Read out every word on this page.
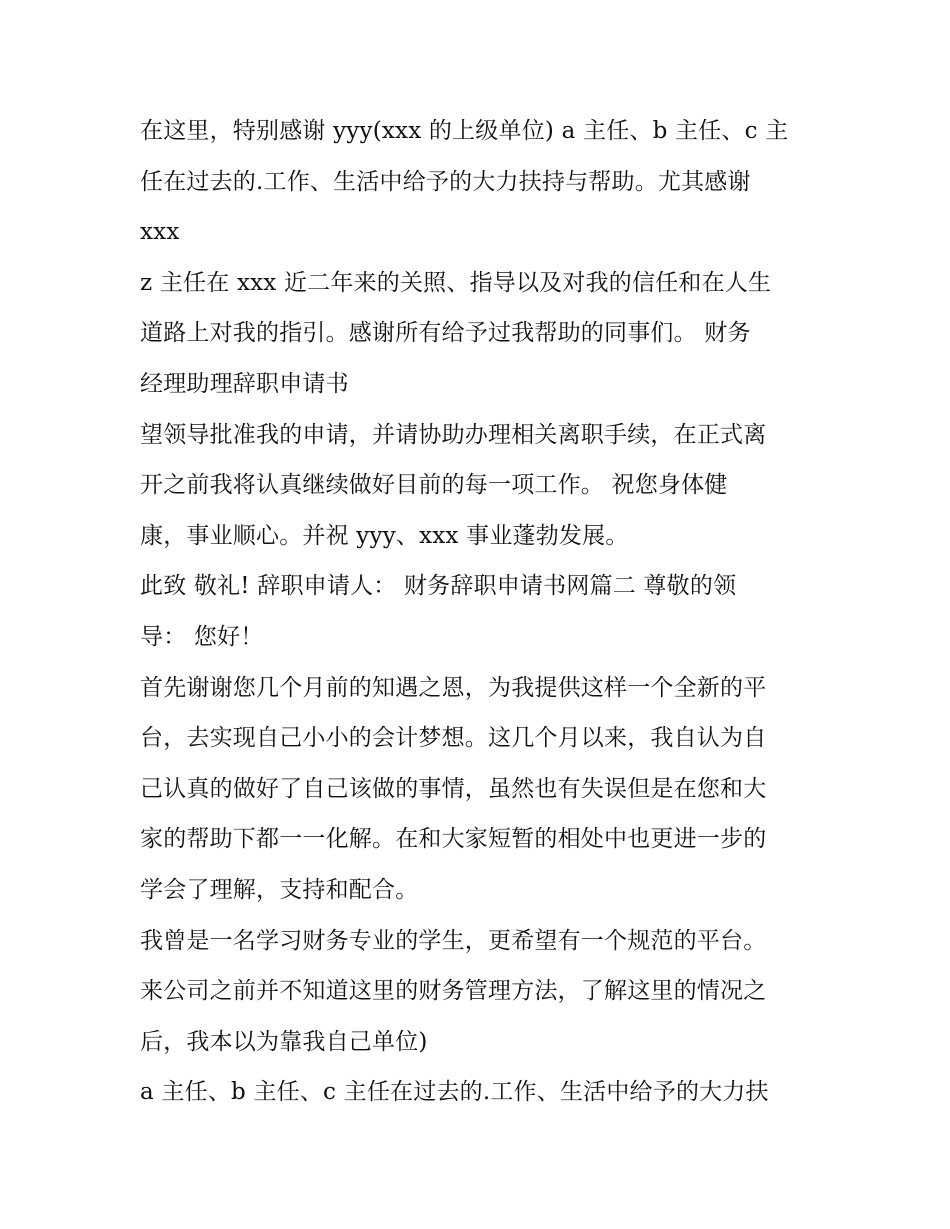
在这里，特别感谢 yyy(xxx 的上级单位) a 主任、b 主任、c 主
任在过去的.工作、生活中给予的大力扶持与帮助。尤其感谢
xxx
z 主任在 xxx 近二年来的关照、指导以及对我的信任和在人生
道路上对我的指引。感谢所有给予过我帮助的同事们。 财务
经理助理辞职申请书
望领导批准我的申请，并请协助办理相关离职手续，在正式离
开之前我将认真继续做好目前的每一项工作。 祝您身体健
康，事业顺心。并祝 yyy、xxx 事业蓬勃发展。
此致 敬礼! 辞职申请人： 财务辞职申请书网篇二 尊敬的领
导： 您好！
首先谢谢您几个月前的知遇之恩，为我提供这样一个全新的平
台，去实现自己小小的会计梦想。这几个月以来，我自认为自
己认真的做好了自己该做的事情，虽然也有失误但是在您和大
家的帮助下都一一化解。在和大家短暂的相处中也更进一步的
学会了理解，支持和配合。
我曾是一名学习财务专业的学生，更希望有一个规范的平台。
来公司之前并不知道这里的财务管理方法，了解这里的情况之
后，我本以为靠我自己单位)
a 主任、b 主任、c 主任在过去的.工作、生活中给予的大力扶
